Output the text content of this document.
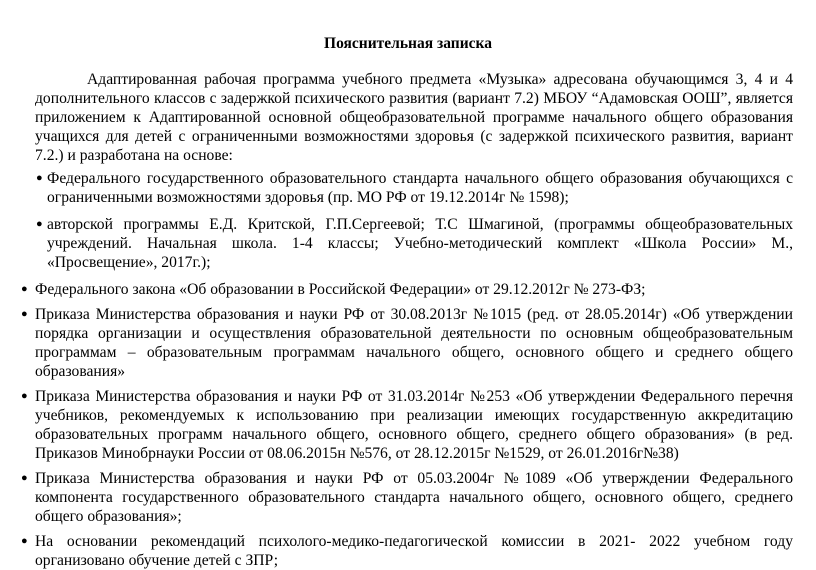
Пояснительная записка

Адаптированная рабочая программа учебного предмета «Музыка» адресована обучающимся 3, 4 и 4 дополнительного классов с задержкой психического развития (вариант 7.2) МБОУ “Адамовская ООШ”, является приложением к Адаптированной основной общеобразовательной программе начального общего образования учащихся для детей с ограниченными возможностями здоровья (с задержкой психического развития, вариант 7.2.) и разработана на основе:

● Федерального государственного образовательного стандарта начального общего образования обучающихся с ограниченными возможностями здоровья (пр. МО РФ от 19.12.2014г № 1598);
● авторской программы Е.Д. Критской, Г.П.Сергеевой; Т.С Шмагиной, (программы общеобразовательных учреждений. Начальная школа. 1-4 классы; Учебно-методический комплект «Школа России» М., «Просвещение», 2017г.);
● Федерального закона «Об образовании в Российской Федерации» от 29.12.2012г № 273-ФЗ;
● Приказа Министерства образования и науки РФ от 30.08.2013г №1015 (ред. от 28.05.2014г) «Об утверждении порядка организации и осуществления образовательной деятельности по основным общеобразовательным программам – образовательным программам начального общего, основного общего и среднего общего образования»
● Приказа Министерства образования и науки РФ от 31.03.2014г №253 «Об утверждении Федерального перечня учебников, рекомендуемых к использованию при реализации имеющих государственную аккредитацию образовательных программ начального общего, основного общего, среднего общего образования» (в ред. Приказов Минобрнауки России от 08.06.2015н №576, от 28.12.2015г №1529, от 26.01.2016г№38)
● Приказа Министерства образования и науки РФ от 05.03.2004г №1089 «Об утверждении Федерального компонента государственного образовательного стандарта начального общего, основного общего, среднего общего образования»;
● На основании рекомендаций психолого-медико-педагогической комиссии в 2021- 2022 учебном году организовано обучение детей с ЗПР;
